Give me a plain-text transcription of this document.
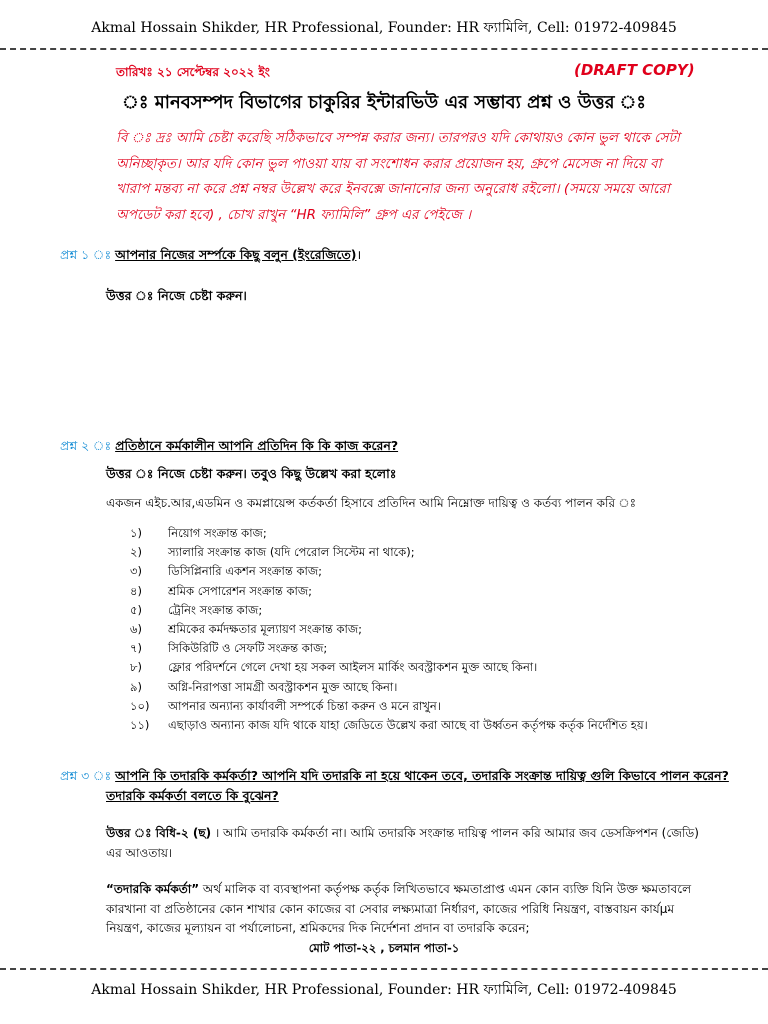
Akmal Hossain Shikder, HR Professional, Founder: HR ফ্যামিলি, Cell: 01972-409845
তারিখঃ ২১ সেপ্টেম্বর ২০২২ ইং	(DRAFT COPY)
ঃ মানবসম্পদ বিভাগের চাকুরির ইন্টারভিউ এর সম্ভাব্য প্রশ্ন ও উত্তর ঃ
বি ঃ দ্রঃ আমি চেষ্টা করেছি সঠিকভাবে সম্পন্ন করার জন্য। তারপরও যদি কোথায়ও কোন ভুল থাকে সেটা
অনিচ্ছাকৃত। আর যদি কোন ভুল পাওয়া যায় বা সংশোধন করার প্রয়োজন হয়, গ্রুপে মেসেজ না দিয়ে বা
খারাপ মন্তব্য না করে প্রশ্ন নম্বর উল্লেখ করে ইনবক্সে জানানোর জন্য অনুরোধ রইলো। (সময়ে সময়ে আরো
অপডেট করা হবে) , চোখ রাখুন “HR ফ্যামিলি” গ্রুপ এর পেইজে ।
প্রশ্ন ১ ঃ আপনার নিজের সর্ম্পকে কিছু বলুন (ইংরেজিতে)।
উত্তর ঃ নিজে চেষ্টা করুন।
প্রশ্ন ২ ঃ প্রতিষ্ঠানে কর্মকালীন আপনি প্রতিদিন কি কি কাজ করেন?
উত্তর ঃ নিজে চেষ্টা করুন। তবুও কিছু উল্লেখ করা হলোঃ
একজন এইচ.আর,এডমিন ও কমপ্লায়েন্স কর্তকর্তা হিসাবে প্রতিদিন আমি নিম্নোক্ত দায়িত্ব ও কর্তব্য পালন করি ঃ
১) নিয়োগ সংক্রান্ত কাজ;
২) স্যালারি সংক্রান্ত কাজ (যদি পেরোল সিস্টেম না থাকে);
৩) ডিসিপ্লিনারি একশন সংক্রান্ত কাজ;
৪) শ্রমিক সেপারেশন সংক্রান্ত কাজ;
৫) ট্রেনিং সংক্রান্ত কাজ;
৬) শ্রমিকের কর্মদক্ষতার মূল্যায়ণ সংক্রান্ত কাজ;
৭) সিকিউরিটি ও সেফটি সংক্রন্ত কাজ;
৮) ফ্লোর পরিদর্শনে গেলে দেখা হয় সকল আইলস মার্কিং অবস্ট্রাকশন মুক্ত আছে কিনা।
৯) অগ্নি-নিরাপত্তা সামগ্রী অবস্ট্রাকশন মুক্ত আছে কিনা।
১০) আপনার অন্যান্য কার্যাবলী সম্পর্কে চিন্তা করুন ও মনে রাখুন।
১১) এছাড়াও অন্যান্য কাজ যদি থাকে যাহা জেডিতে উল্লেখ করা আছে বা উর্ধ্বতন কর্তৃপক্ষ কর্তৃক নির্দেশিত হয়।
প্রশ্ন ৩ ঃ আপনি কি তদারকি কর্মকর্তা? আপনি যদি তদারকি না হয়ে থাকেন তবে, তদারকি সংক্রান্ত দায়িত্ব গুলি কিভাবে পালন করেন?
তদারকি কর্মকর্তা বলতে কি বুঝেন?
উত্তর ঃ বিধি-২ (ছ) । আমি তদারকি কর্মকর্তা না। আমি তদারকি সংক্রান্ত দায়িত্ব পালন করি আমার জব ডেসক্রিপশন (জেডি)
এর আওতায়।
“তদারকি কর্মকর্তা” অর্থ মালিক বা ব্যবস্থাপনা কর্তৃপক্ষ কর্তৃক লিখিতভাবে ক্ষমতাপ্রাপ্ত এমন কোন ব্যক্তি যিনি উক্ত ক্ষমতাবলে
কারখানা বা প্রতিষ্ঠানের কোন শাখার কোন কাজের বা সেবার লক্ষ্যমাত্রা নির্ধারণ, কাজের পরিধি নিয়ন্ত্রণ, বাস্তবায়ন কার্যμম
নিয়ন্ত্রণ, কাজের মূল্যায়ন বা পর্যালোচনা, শ্রমিকদের দিক নির্দেশনা প্রদান বা তদারকি করেন;
মোট পাতা-২২ , চলমান পাতা-১
Akmal Hossain Shikder, HR Professional, Founder: HR ফ্যামিলি, Cell: 01972-409845
